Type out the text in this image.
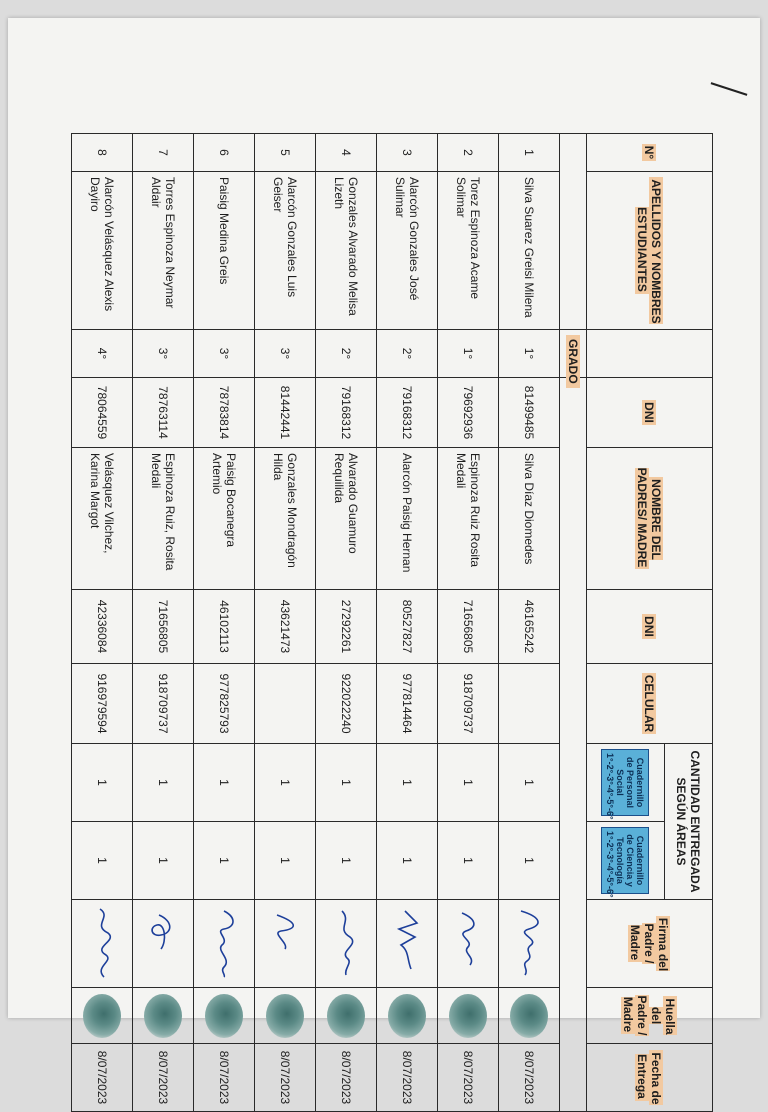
N°	APELLIDOS Y NOMBRES ESTUDIANTES		DNI	NOMBRE DEL PADRES/ MADRE	DNI	CELULAR	CANTIDAD ENTREGADA SEGÚN ÁREAS		Firma del Padre / Madre	Huella del Padre / Madre	Fecha de Entrega

							Cuadernillo de Personal Social 1°-2°-3°-4°-5°-6°	Cuadernillo de Ciencia y Tecnología 1°-2°-3°-4°-5°-6°			

		GRADO									
1	Silva Suarez Greisi Milena	1°	81499485	Silva Díaz Diomedes	46165242		1	1			8/07/2023
2	Torez Espinoza Acame Solimar	1°	79692936	Espinoza Ruiz Rosita Medali	71656805	918709737	1	1			8/07/2023
3	Alarcón Gonzales José Sulimar	2°	79168312	Alarcón Paisig Hernan	80527827	977814464	1	1			8/07/2023
4	Gonzales Alvarado Melisa Lizeth	2°	79168312	Alvarado Guamuro Requilida	27292261	922022240	1	1			8/07/2023
5	Alarcón Gonzales Luis Geiser	3°	81442441	Gonzales Mondragón Hilda	43621473		1	1			8/07/2023
6	Paisig Medina Greis	3°	78783814	Paisig Bocanegra Artemio	46102113	977825793	1	1			8/07/2023
7	Torres Espinoza Neymar Aldair	3°	78763114	Espinoza Ruiz, Rosita Medali	71656805	918709737	1	1			8/07/2023
8	Alarcón Velásquez Alexis Dayiro	4°	78064559	Velásquez Vilchez, Karina Margot	42336084	916979594	1	1			8/07/2023
